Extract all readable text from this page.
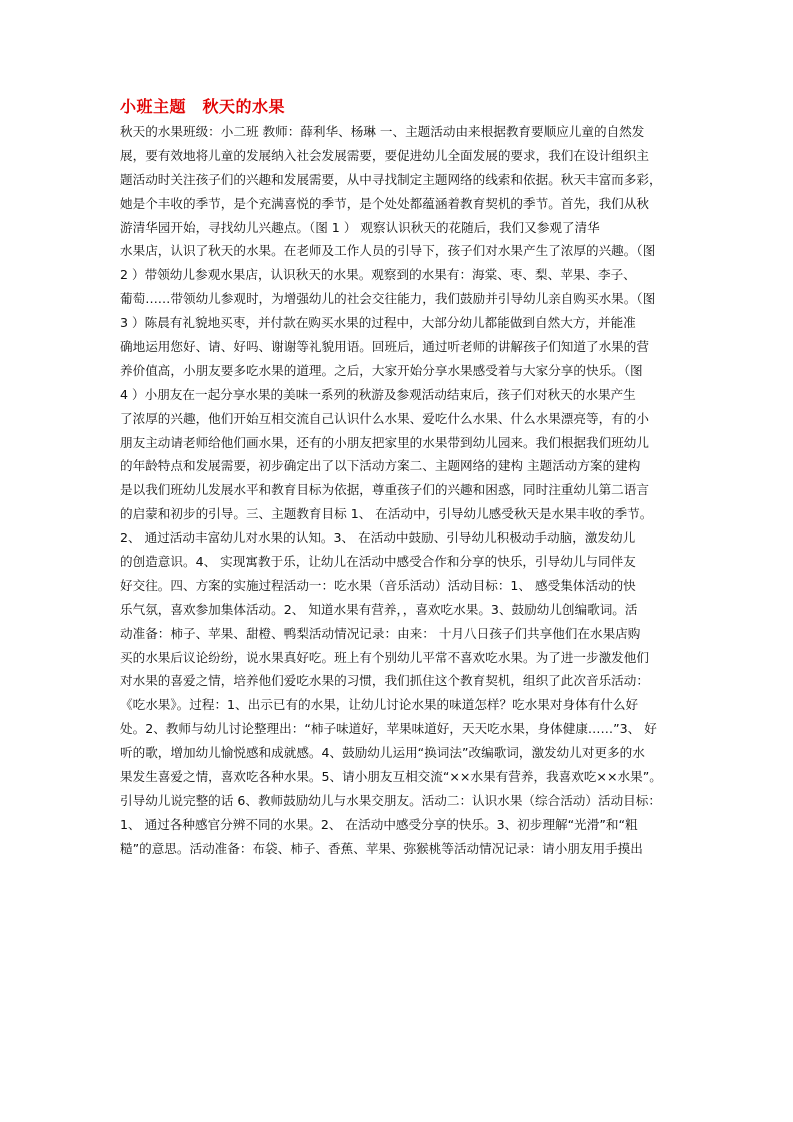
小班主题　秋天的水果
秋天的水果班级：小二班 教师：薛利华、杨琳 一、主题活动由来根据教育要顺应儿童的自然发
展，要有效地将儿童的发展纳入社会发展需要，要促进幼儿全面发展的要求，我们在设计组织主
题活动时关注孩子们的兴趣和发展需要，从中寻找制定主题网络的线索和依据。秋天丰富而多彩，
她是个丰收的季节，是个充满喜悦的季节，是个处处都蕴涵着教育契机的季节。首先，我们从秋
游清华园开始，寻找幼儿兴趣点。（图 1 ） 观察认识秋天的花随后，我们又参观了清华
水果店，认识了秋天的水果。在老师及工作人员的引导下，孩子们对水果产生了浓厚的兴趣。（图
2 ）带领幼儿参观水果店，认识秋天的水果。观察到的水果有：海棠、枣、梨、苹果、李子、
葡萄……带领幼儿参观时，为增强幼儿的社会交往能力，我们鼓励并引导幼儿亲自购买水果。（图
3 ）陈晨有礼貌地买枣，并付款在购买水果的过程中，大部分幼儿都能做到自然大方，并能准
确地运用您好、请、好吗、谢谢等礼貌用语。回班后，通过听老师的讲解孩子们知道了水果的营
养价值高，小朋友要多吃水果的道理。之后，大家开始分享水果感受着与大家分享的快乐。（图
4 ）小朋友在一起分享水果的美味一系列的秋游及参观活动结束后，孩子们对秋天的水果产生
了浓厚的兴趣，他们开始互相交流自己认识什么水果、爱吃什么水果、什么水果漂亮等，有的小
朋友主动请老师给他们画水果，还有的小朋友把家里的水果带到幼儿园来。我们根据我们班幼儿
的年龄特点和发展需要，初步确定出了以下活动方案二、主题网络的建构 主题活动方案的建构
是以我们班幼儿发展水平和教育目标为依据，尊重孩子们的兴趣和困惑，同时注重幼儿第二语言
的启蒙和初步的引导。三、主题教育目标 1、 在活动中，引导幼儿感受秋天是水果丰收的季节。
2、 通过活动丰富幼儿对水果的认知。3、 在活动中鼓励、引导幼儿积极动手动脑，激发幼儿
的创造意识。4、 实现寓教于乐，让幼儿在活动中感受合作和分享的快乐，引导幼儿与同伴友
好交往。四、方案的实施过程活动一：吃水果（音乐活动）活动目标：1、 感受集体活动的快
乐气氛，喜欢参加集体活动。2、 知道水果有营养，，喜欢吃水果。3、鼓励幼儿创编歌词。活
动准备：柿子、苹果、甜橙、鸭梨活动情况记录：由来： 十月八日孩子们共享他们在水果店购
买的水果后议论纷纷，说水果真好吃。班上有个别幼儿平常不喜欢吃水果。为了进一步激发他们
对水果的喜爱之情，培养他们爱吃水果的习惯，我们抓住这个教育契机，组织了此次音乐活动：
《吃水果》。过程：1、出示已有的水果，让幼儿讨论水果的味道怎样？吃水果对身体有什么好
处。2、教师与幼儿讨论整理出：“柿子味道好，苹果味道好，天天吃水果，身体健康……”3、 好
听的歌，增加幼儿愉悦感和成就感。4、鼓励幼儿运用“换词法”改编歌词，激发幼儿对更多的水
果发生喜爱之情，喜欢吃各种水果。5、请小朋友互相交流“××水果有营养，我喜欢吃××水果”。
引导幼儿说完整的话 6、教师鼓励幼儿与水果交朋友。活动二：认识水果（综合活动）活动目标：
1、 通过各种感官分辨不同的水果。2、 在活动中感受分享的快乐。3、初步理解“光滑”和“粗
糙”的意思。活动准备：布袋、柿子、香蕉、苹果、弥猴桃等活动情况记录：请小朋友用手摸出
